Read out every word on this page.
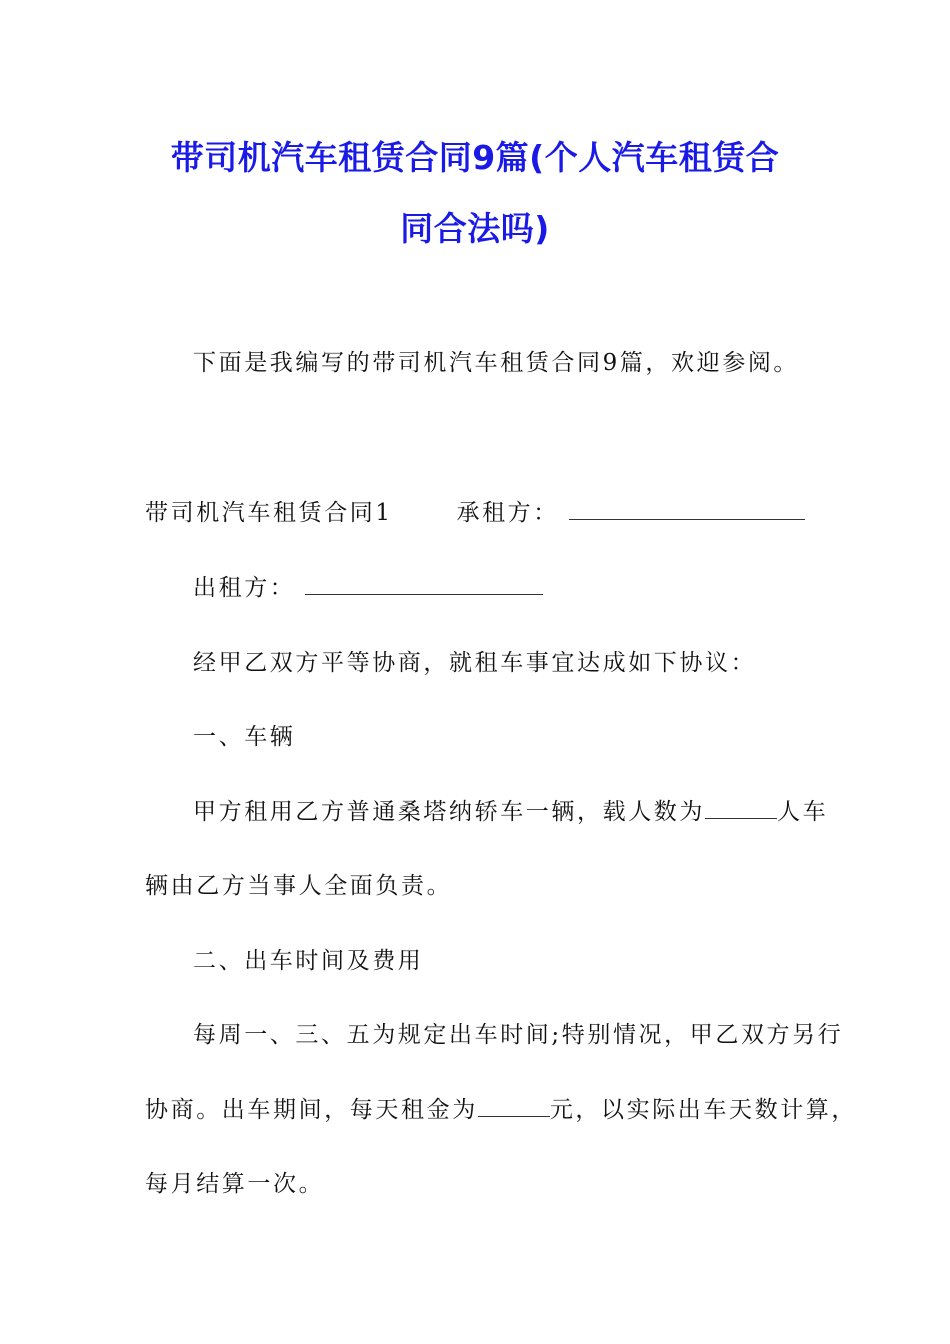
带司机汽车租赁合同9篇(个人汽车租赁合
同合法吗)
下面是我编写的带司机汽车租赁合同9篇，欢迎参阅。
带司机汽车租赁合同1	承租方：
出租方：
经甲乙双方平等协商，就租车事宜达成如下协议：
一、车辆
甲方租用乙方普通桑塔纳轿车一辆，载人数为	人车
辆由乙方当事人全面负责。
二、出车时间及费用
每周一、三、五为规定出车时间;特别情况，甲乙双方另行
协商。出车期间，每天租金为	元，以实际出车天数计算，
每月结算一次。
